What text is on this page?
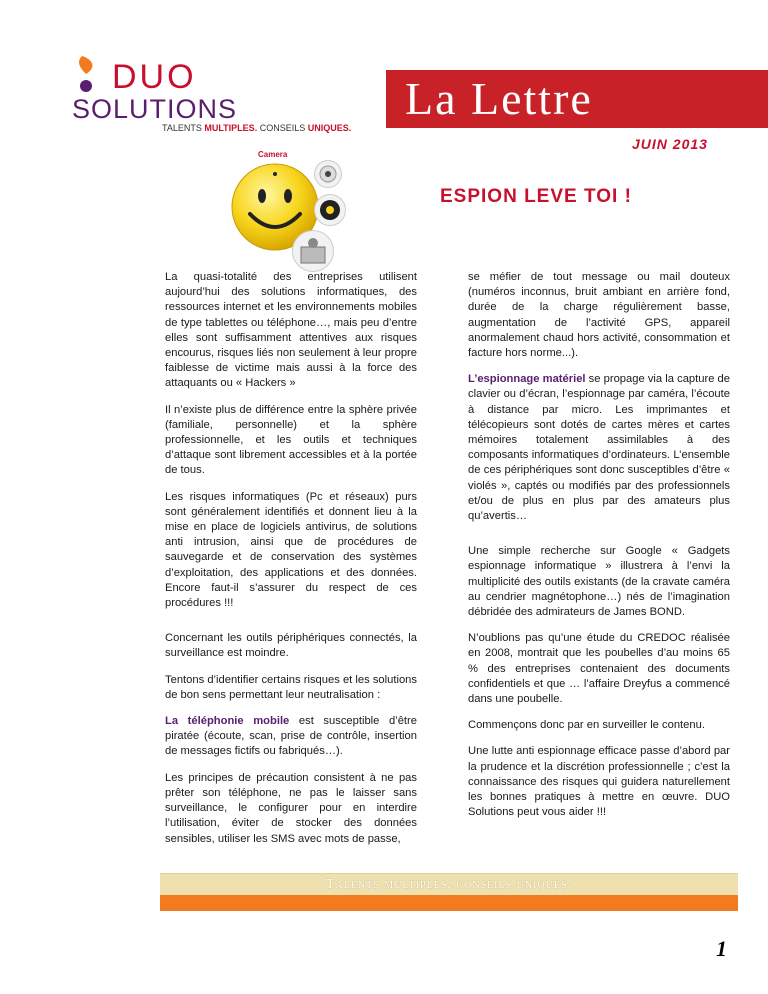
DUO
SOLUTIONS
TALENTS MULTIPLES. CONSEILS UNIQUES.
La Lettre
JUIN 2013
Camera
ESPION LEVE TOI !

La quasi-totalité des entreprises utilisent aujourd’hui des solutions informatiques, des ressources internet et les environnements mobiles de type tablettes ou téléphone…, mais peu d’entre elles sont suffisamment attentives aux risques encourus, risques liés non seulement à leur propre faiblesse de victime mais aussi à la force des attaquants ou « Hackers »

Il n’existe plus de différence entre la sphère privée (familiale, personnelle) et la sphère professionnelle, et les outils et techniques d’attaque sont librement accessibles et à la portée de tous.

Les risques informatiques (Pc et réseaux) purs sont généralement identifiés et donnent lieu à la mise en place de logiciels antivirus, de solutions anti intrusion, ainsi que de procédures de sauvegarde et de conservation des systèmes d’exploitation, des applications et des données. Encore faut-il s’assurer du respect de ces procédures !!!

Concernant les outils périphériques connectés, la surveillance est moindre.

Tentons d’identifier certains risques et les solutions de bon sens permettant leur neutralisation :

La téléphonie mobile est susceptible d’être piratée (écoute, scan, prise de contrôle, insertion de messages fictifs ou fabriqués…).

Les principes de précaution consistent à ne pas prêter son téléphone, ne pas le laisser sans surveillance, le configurer pour en interdire l’utilisation, éviter de stocker des données sensibles, utiliser les SMS avec mots de passe,

se méfier de tout message ou mail douteux (numéros inconnus, bruit ambiant en arrière fond, durée de la charge régulièrement basse, augmentation de l’activité GPS, appareil anormalement chaud hors activité, consommation et facture hors norme...).

L’espionnage matériel se propage via la capture de clavier ou d’écran, l’espionnage par caméra, l’écoute à distance par micro. Les imprimantes et télécopieurs sont dotés de cartes mères et cartes mémoires totalement assimilables à des composants informatiques d’ordinateurs. L’ensemble de ces périphériques sont donc susceptibles d’être « violés », captés ou modifiés par des professionnels et/ou de plus en plus par des amateurs plus qu’avertis…

Une simple recherche sur Google « Gadgets espionnage informatique » illustrera à l’envi la multiplicité des outils existants (de la cravate caméra au cendrier magnétophone…) nés de l’imagination débridée des admirateurs de James BOND.

N’oublions pas qu’une étude du CREDOC réalisée en 2008, montrait que les poubelles d’au moins 65 % des entreprises contenaient des documents confidentiels et que … l’affaire Dreyfus a commencé dans une poubelle.

Commençons donc par en surveiller le contenu.

Une lutte anti espionnage efficace passe d’abord par la prudence et la discrétion professionnelle ; c’est la connaissance des risques qui guidera naturellement les bonnes pratiques à mettre en œuvre. DUO Solutions peut vous aider !!!

Talents multiples, conseils uniques.
1
